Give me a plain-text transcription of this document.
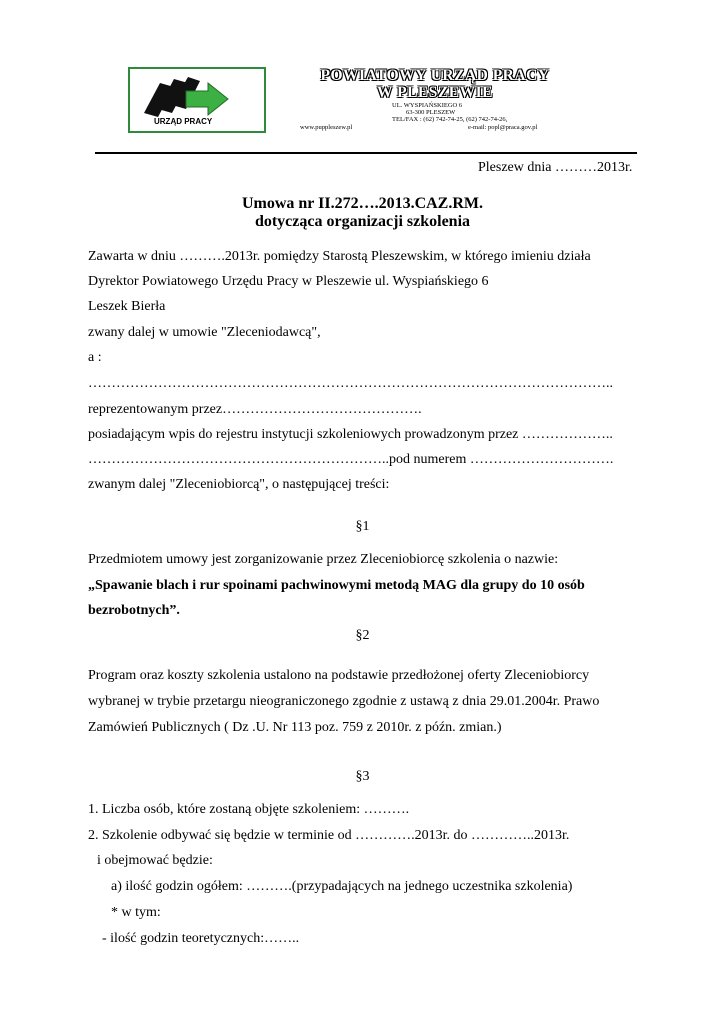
URZĄD PRACY
POWIATOWY URZĄD PRACY
W PLESZEWIE
UL. WYSPIAŃSKIEGO 6
63-300 PLESZEW
TEL/FAX : (62) 742-74-25, (62) 742-74-26,
www.puppleszew.pl	e-mail: popl@praca.gov.pl
Pleszew dnia ………2013r.
Umowa nr II.272….2013.CAZ.RM.
dotycząca organizacji szkolenia
Zawarta w dniu ……….2013r. pomiędzy Starostą Pleszewskim, w którego imieniu działa
Dyrektor Powiatowego Urzędu Pracy w Pleszewie ul. Wyspiańskiego 6
Leszek Bierła
zwany dalej w umowie "Zleceniodawcą",
a :
…………………………………………………………………………………………………..
reprezentowanym przez…………………………………….
posiadającym wpis do rejestru instytucji szkoleniowych prowadzonym przez ………………..
………………………………………………………..pod numerem ………………………….
zwanym dalej "Zleceniobiorcą", o następującej treści:
§1
Przedmiotem umowy jest zorganizowanie przez Zleceniobiorcę szkolenia o nazwie:
„Spawanie blach i rur spoinami pachwinowymi metodą MAG dla grupy do 10 osób
bezrobotnych”.
§2
Program oraz koszty szkolenia ustalono na podstawie przedłożonej oferty Zleceniobiorcy
wybranej w trybie przetargu nieograniczonego zgodnie z ustawą z dnia 29.01.2004r. Prawo
Zamówień Publicznych ( Dz .U. Nr 113 poz. 759 z 2010r. z późn. zmian.)
§3
1. Liczba osób, które zostaną objęte szkoleniem: ……….
2. Szkolenie odbywać się będzie w terminie od ………….2013r. do …………..2013r.
i obejmować będzie:
a) ilość godzin ogółem: ……….(przypadających na jednego uczestnika szkolenia)
* w tym:
- ilość godzin teoretycznych:……..
